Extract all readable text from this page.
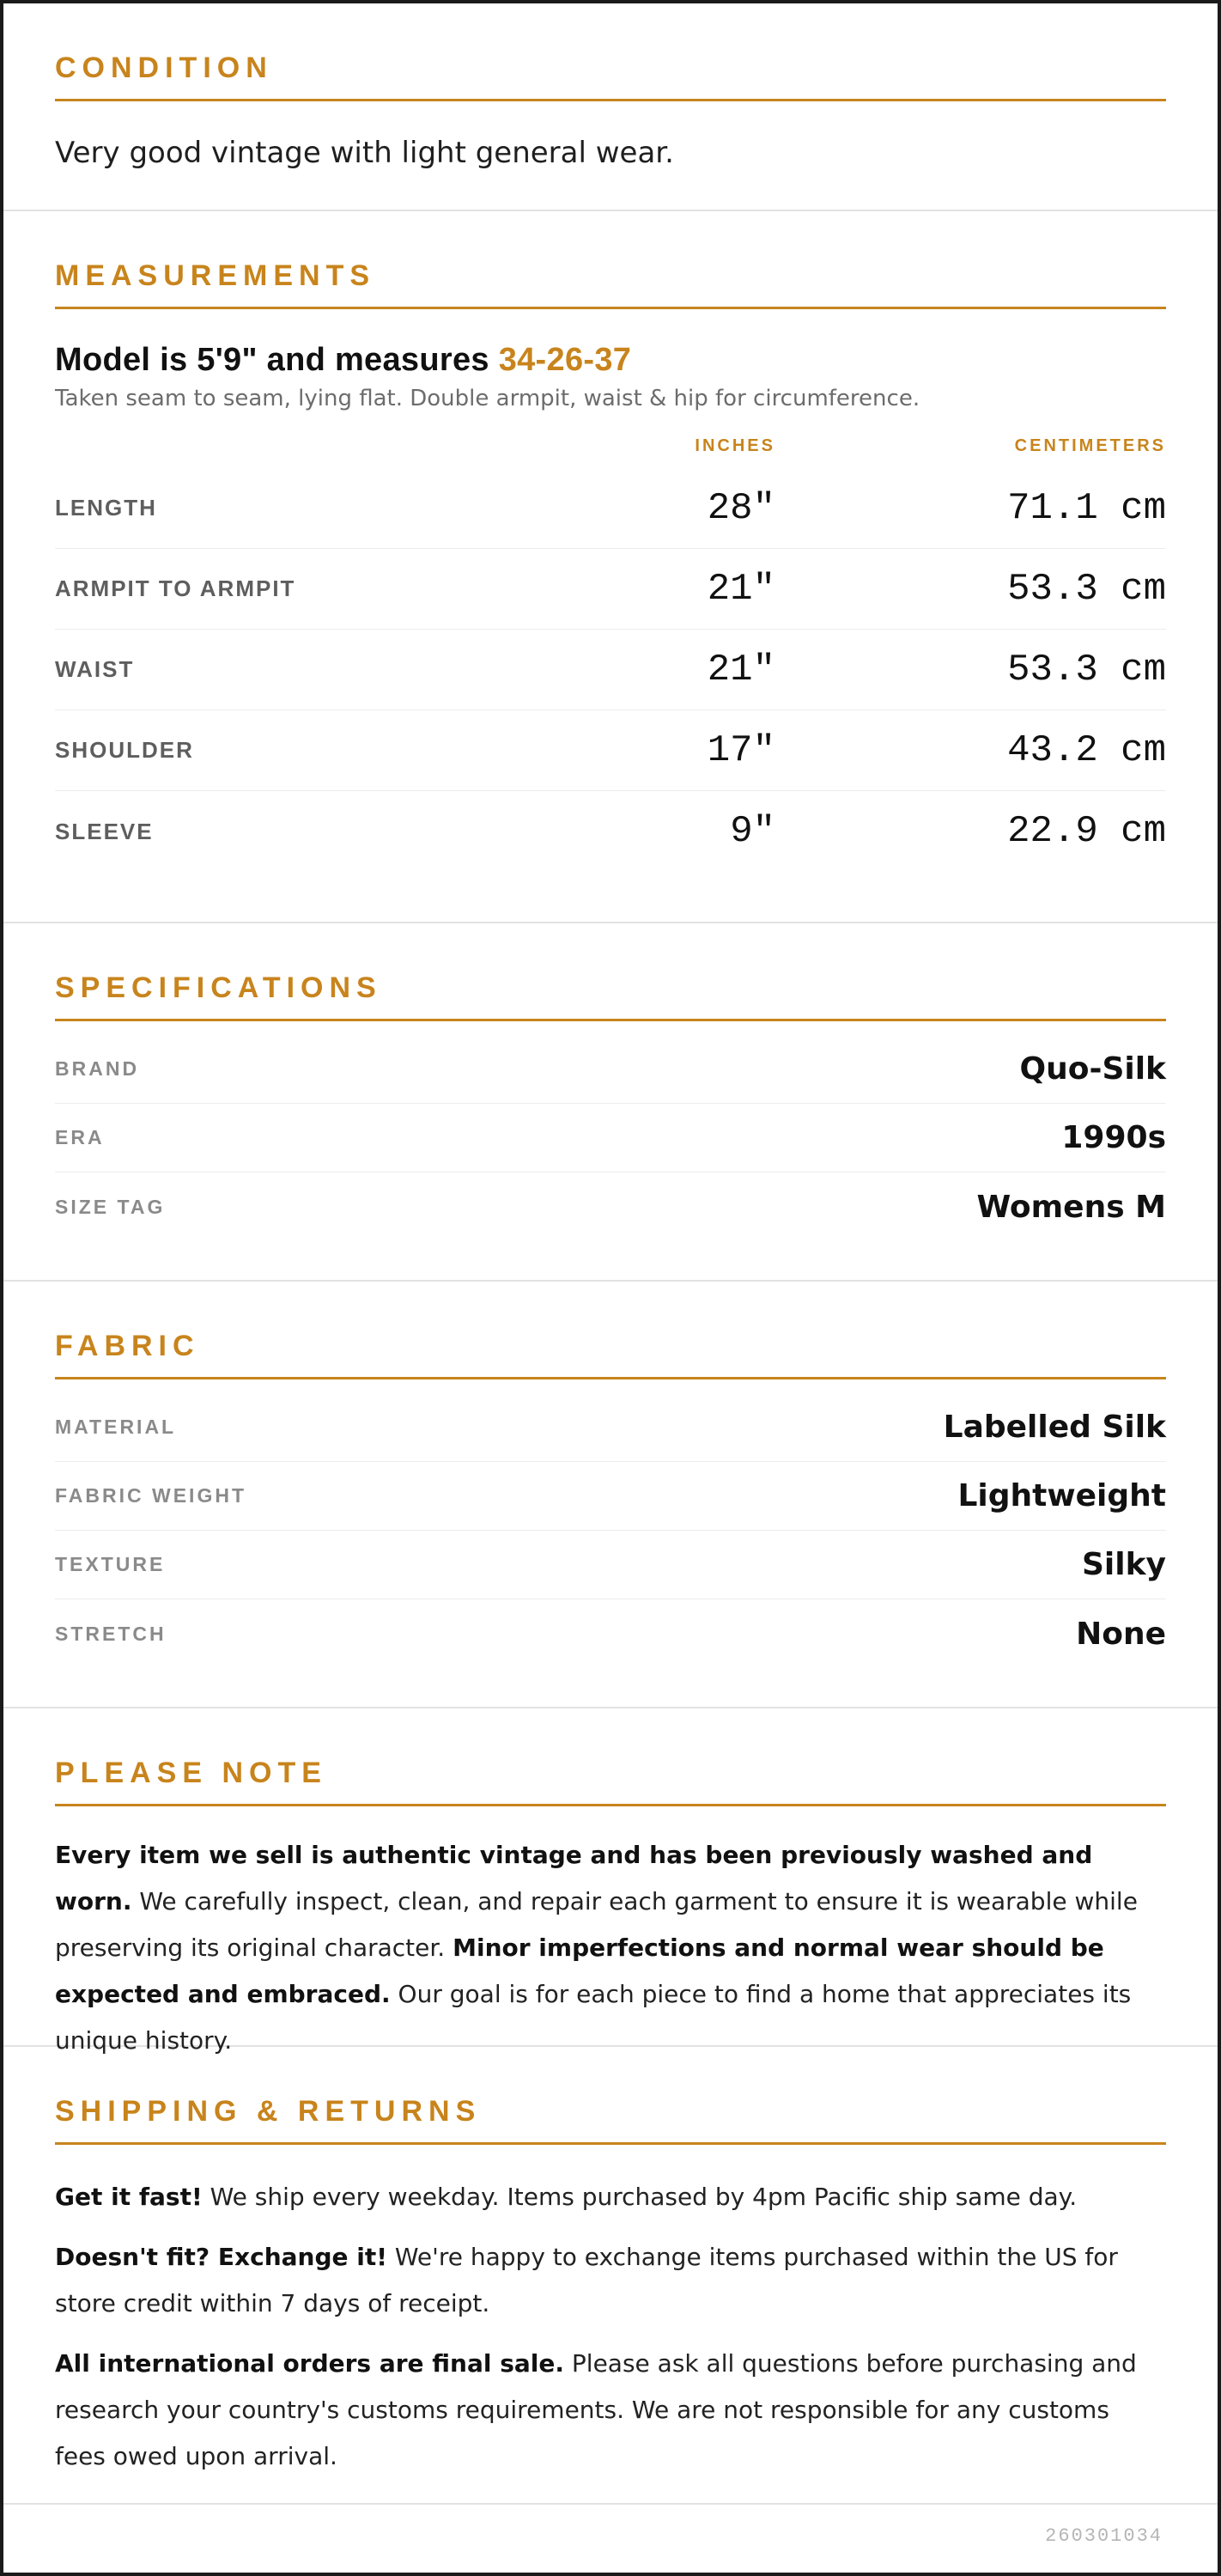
CONDITION

Very good vintage with light general wear.

MEASUREMENTS
Model is 5'9" and measures 34-26-37

Taken seam to seam, lying flat. Double armpit, waist & hip for circumference.

INCHES	CENTIMETERS
LENGTH	28"	71.1 cm
ARMPIT TO ARMPIT	21"	53.3 cm
WAIST	21"	53.3 cm
SHOULDER	17"	43.2 cm
SLEEVE	9"	22.9 cm
SPECIFICATIONS
BRAND	Quo-Silk
ERA	1990s
SIZE TAG	Womens M
FABRIC
MATERIAL	Labelled Silk
FABRIC WEIGHT	Lightweight
TEXTURE	Silky
STRETCH	None
PLEASE NOTE

Every item we sell is authentic vintage and has been previously washed and worn. We carefully inspect, clean, and repair each garment to ensure it is wearable while preserving its original character. Minor imperfections and normal wear should be expected and embraced. Our goal is for each piece to find a home that appreciates its unique history.

SHIPPING & RETURNS

Get it fast! We ship every weekday. Items purchased by 4pm Pacific ship same day.

Doesn't fit? Exchange it! We're happy to exchange items purchased within the US for store credit within 7 days of receipt.

All international orders are final sale. Please ask all questions before purchasing and research your country's customs requirements. We are not responsible for any customs fees owed upon arrival.

260301034
